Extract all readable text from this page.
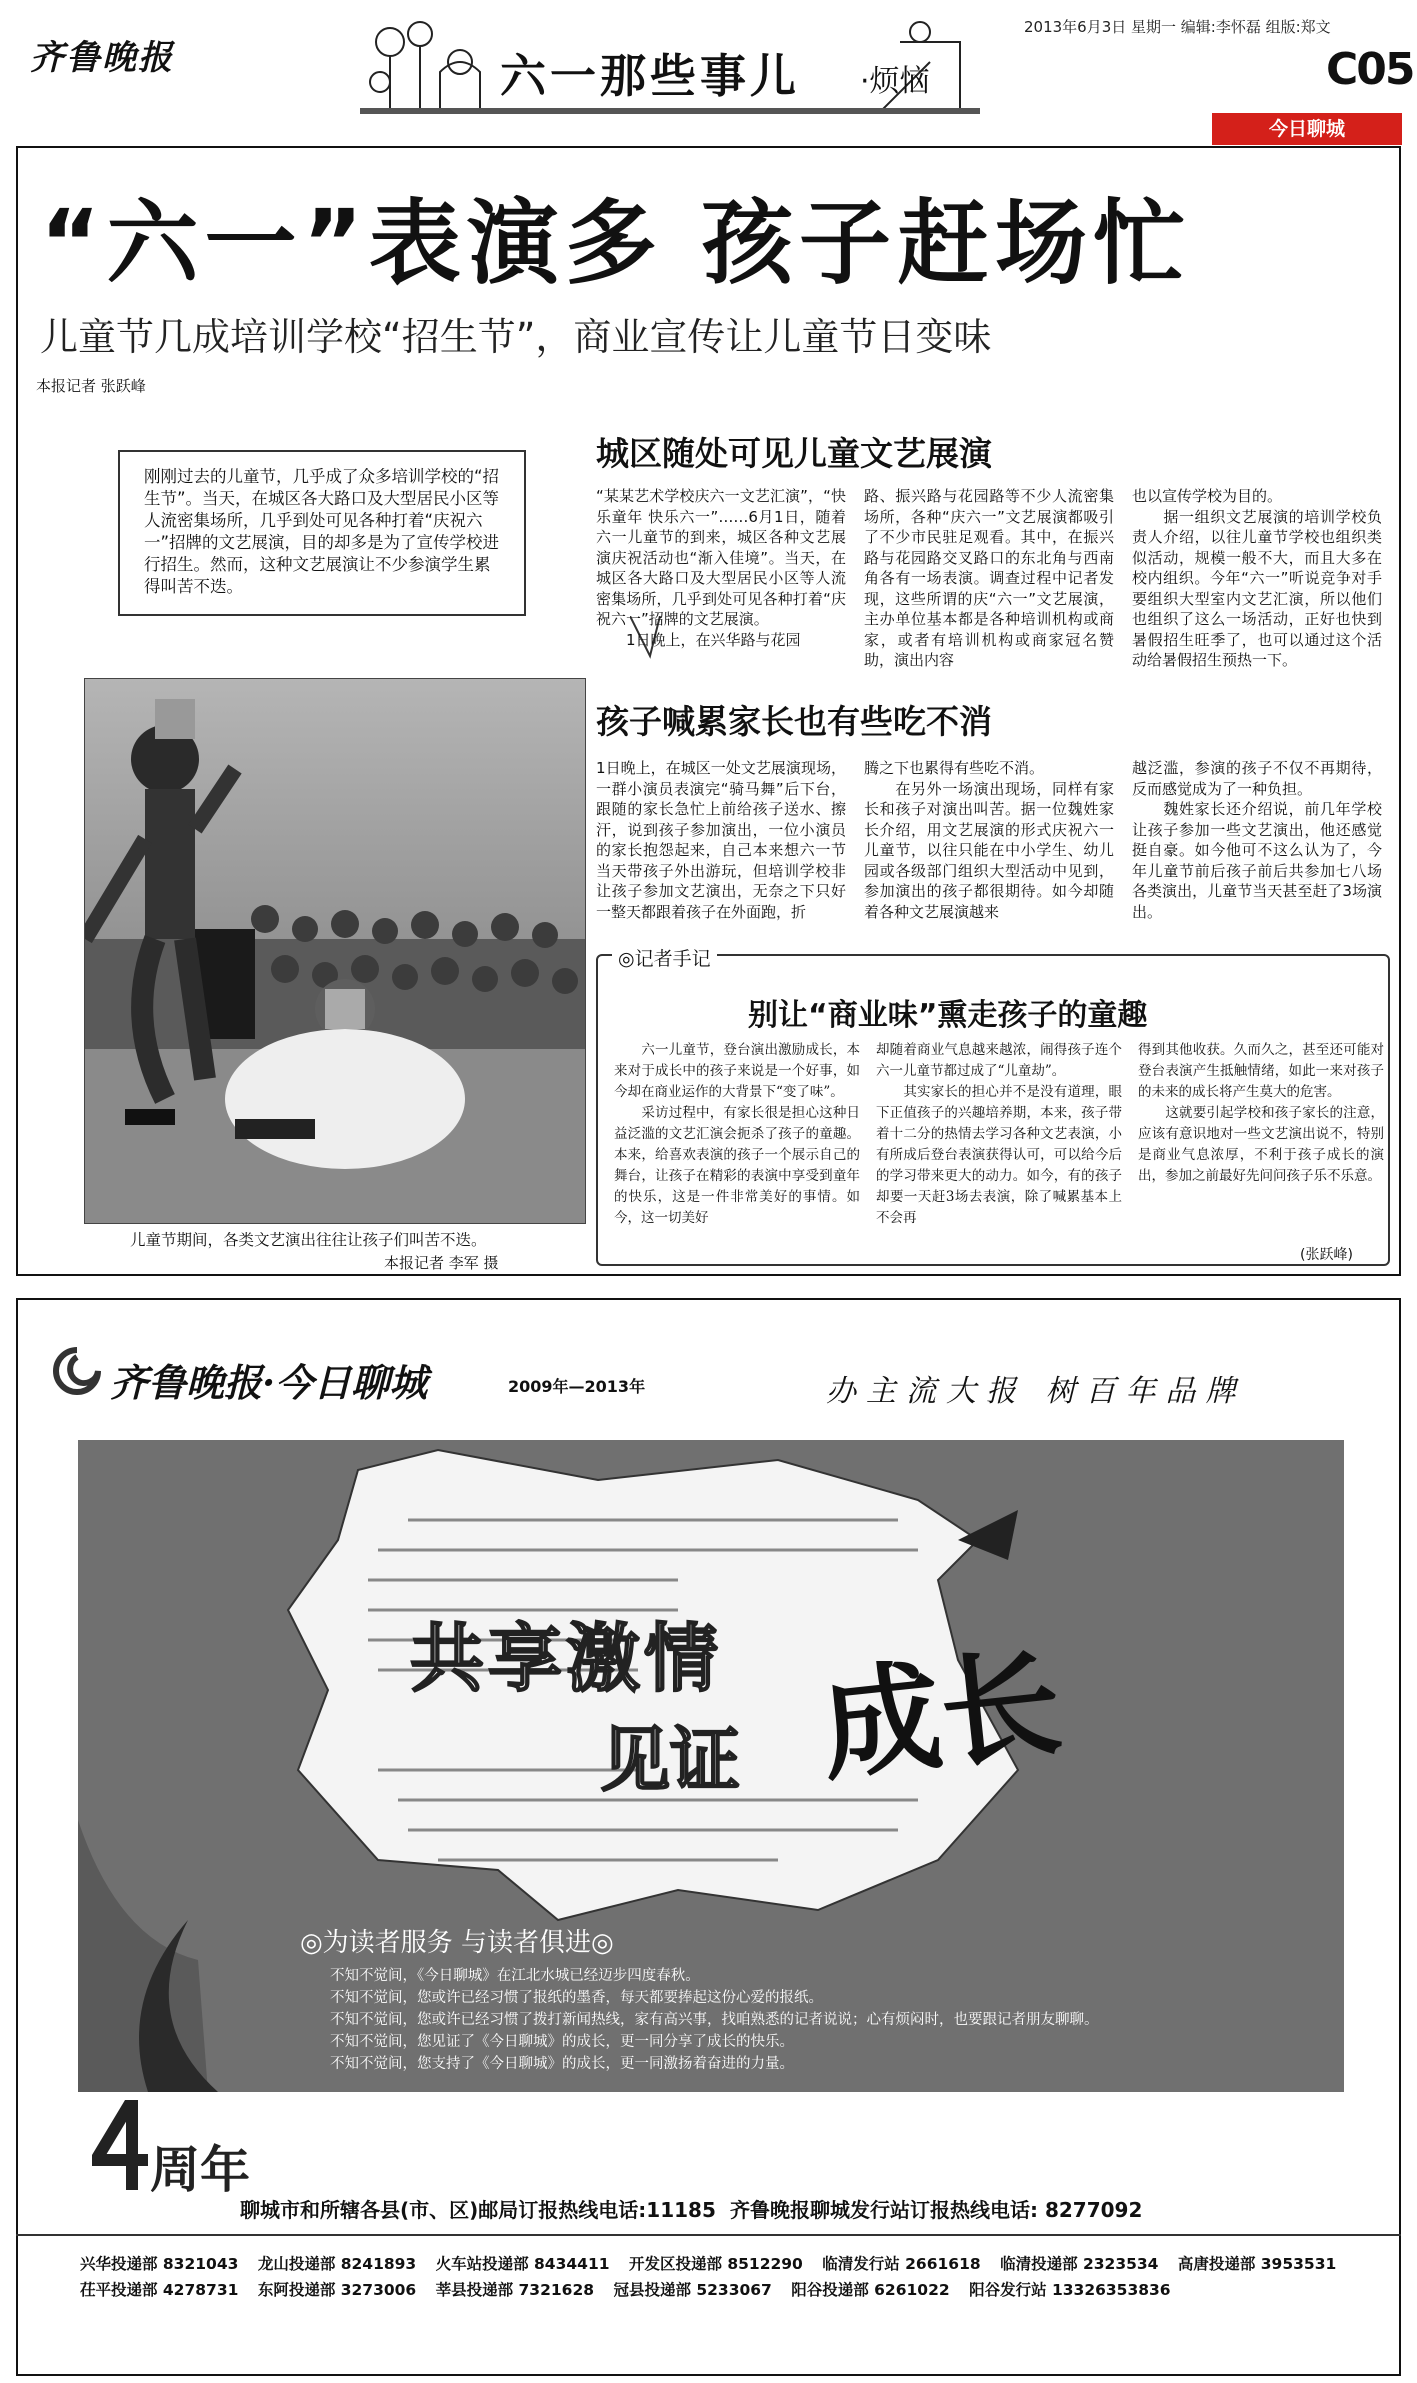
齐鲁晚报	六一那些事儿 ·烦恼
2013年6月3日 星期一 编辑:李怀磊 组版:郑文
C05
今日聊城
“六一”表演多 孩子赶场忙
儿童节几成培训学校“招生节”，商业宣传让儿童节日变味
本报记者 张跃峰
刚刚过去的儿童节，几乎成了众多培训学校的“招生节”。当天，在城区各大路口及大型居民小区等人流密集场所，几乎到处可见各种打着“庆祝六一”招牌的文艺展演，目的却多是为了宣传学校进行招生。然而，这种文艺展演让不少参演学生累得叫苦不迭。
儿童节期间，各类文艺演出往往让孩子们叫苦不迭。
本报记者 李军 摄
城区随处可见儿童文艺展演
“某某艺术学校庆六一文艺汇演”，“快乐童年 快乐六一”……6月1日，随着六一儿童节的到来，城区各种文艺展演庆祝活动也“渐入佳境”。当天，在城区各大路口及大型居民小区等人流密集场所，几乎到处可见各种打着“庆祝六一”招牌的文艺展演。
　　1日晚上，在兴华路与花园
路、振兴路与花园路等不少人流密集场所，各种“庆六一”文艺展演都吸引了不少市民驻足观看。其中，在振兴路与花园路交叉路口的东北角与西南角各有一场表演。调查过程中记者发现，这些所谓的庆“六一”文艺展演，主办单位基本都是各种培训机构或商家，或者有培训机构或商家冠名赞助，演出内容
也以宣传学校为目的。
　　据一组织文艺展演的培训学校负责人介绍，以往儿童节学校也组织类似活动，规模一般不大，而且大多在校内组织。今年“六一”听说竞争对手要组织大型室内文艺汇演，所以他们也组织了这么一场活动，正好也快到暑假招生旺季了，也可以通过这个活动给暑假招生预热一下。
孩子喊累家长也有些吃不消
1日晚上，在城区一处文艺展演现场，一群小演员表演完“骑马舞”后下台，跟随的家长急忙上前给孩子送水、擦汗，说到孩子参加演出，一位小演员的家长抱怨起来，自己本来想六一节当天带孩子外出游玩，但培训学校非让孩子参加文艺演出，无奈之下只好一整天都跟着孩子在外面跑，折
腾之下也累得有些吃不消。
　　在另外一场演出现场，同样有家长和孩子对演出叫苦。据一位魏姓家长介绍，用文艺展演的形式庆祝六一儿童节，以往只能在中小学生、幼儿园或各级部门组织大型活动中见到，参加演出的孩子都很期待。如今却随着各种文艺展演越来
越泛滥，参演的孩子不仅不再期待，反而感觉成为了一种负担。
　　魏姓家长还介绍说，前几年学校让孩子参加一些文艺演出，他还感觉挺自豪。如今他可不这么认为了，今年儿童节前后孩子前后共参加七八场各类演出，儿童节当天甚至赶了3场演出。
◎记者手记
别让“商业味”熏走孩子的童趣
　　六一儿童节，登台演出激励成长，本来对于成长中的孩子来说是一个好事，如今却在商业运作的大背景下“变了味”。
　　采访过程中，有家长很是担心这种日益泛滥的文艺汇演会扼杀了孩子的童趣。本来，给喜欢表演的孩子一个展示自己的舞台，让孩子在精彩的表演中享受到童年的快乐，这是一件非常美好的事情。如今，这一切美好
却随着商业气息越来越浓，闹得孩子连个六一儿童节都过成了“儿童劫”。
　　其实家长的担心并不是没有道理，眼下正值孩子的兴趣培养期，本来，孩子带着十二分的热情去学习各种文艺表演，小有所成后登台表演获得认可，可以给今后的学习带来更大的动力。如今，有的孩子却要一天赶3场去表演，除了喊累基本上不会再
得到其他收获。久而久之，甚至还可能对登台表演产生抵触情绪，如此一来对孩子的未来的成长将产生莫大的危害。
　　这就要引起学校和孩子家长的注意，应该有意识地对一些文艺演出说不，特别是商业气息浓厚，不利于孩子成长的演出，参加之前最好先问问孩子乐不乐意。
(张跃峰)
齐鲁晚报·今日聊城	2009年—2013年	办主流大报 树百年品牌
共享激情
见证 成长
◎为读者服务 与读者俱进◎
不知不觉间，《今日聊城》在江北水城已经迈步四度春秋。
不知不觉间，您或许已经习惯了报纸的墨香，每天都要捧起这份心爱的报纸。
不知不觉间，您或许已经习惯了拨打新闻热线，家有高兴事，找咱熟悉的记者说说；心有烦闷时，也要跟记者朋友聊聊。
不知不觉间，您见证了《今日聊城》的成长，更一同分享了成长的快乐。
不知不觉间，您支持了《今日聊城》的成长，更一同激扬着奋进的力量。
周年
聊城市和所辖各县(市、区)邮局订报热线电话:11185 齐鲁晚报聊城发行站订报热线电话: 8277092
兴华投递部 8321043 龙山投递部 8241893 火车站投递部 8434411 开发区投递部 8512290 临清发行站 2661618 临清投递部 2323534 高唐投递部 3953531
茌平投递部 4278731 东阿投递部 3273006 莘县投递部 7321628 冠县投递部 5233067 阳谷投递部 6261022 阳谷发行站 13326353836
